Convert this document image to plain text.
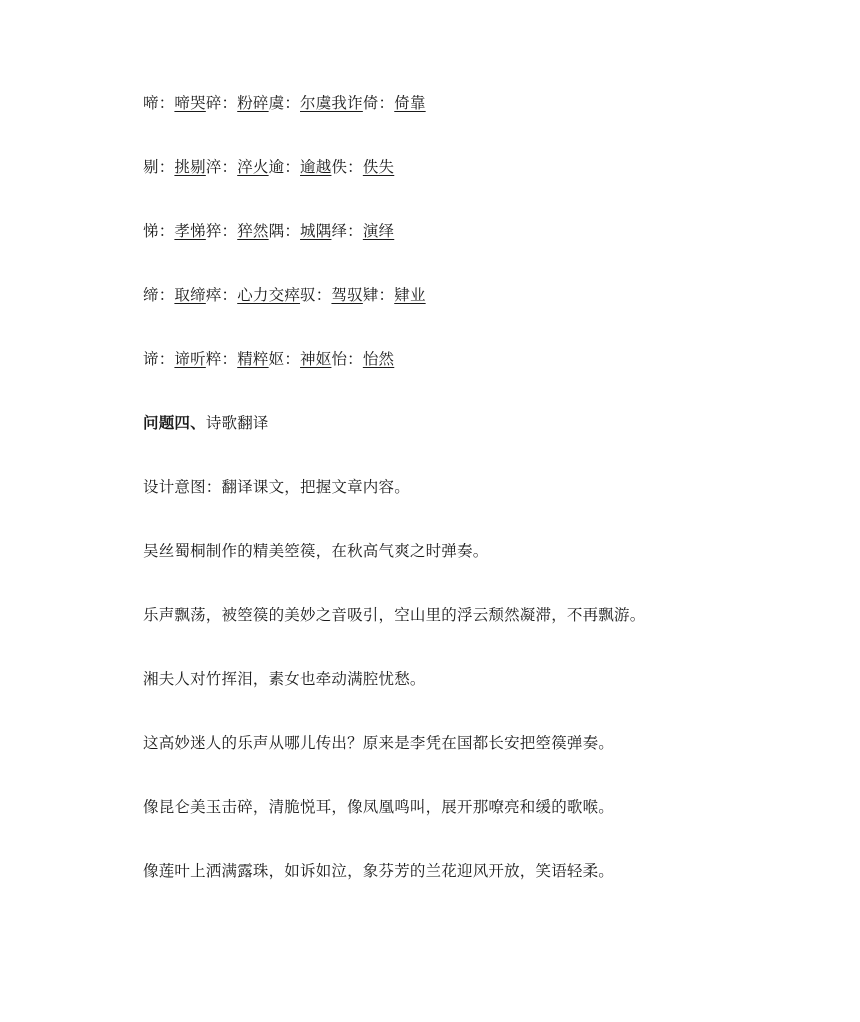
啼：啼哭碎：粉碎虞：尔虞我诈倚：倚靠
剔：挑剔淬：淬火逾：逾越佚：佚失
悌：孝悌猝：猝然隅：城隅绎：演绎
缔：取缔瘁：心力交瘁驭：驾驭肄：肄业
谛：谛听粹：精粹妪：神妪怡：怡然
问题四、诗歌翻译
设计意图：翻译课文，把握文章内容。
吴丝蜀桐制作的精美箜篌，在秋高气爽之时弹奏。
乐声飘荡，被箜篌的美妙之音吸引，空山里的浮云颓然凝滞，不再飘游。
湘夫人对竹挥泪，素女也牵动满腔忧愁。
这高妙迷人的乐声从哪儿传出？原来是李凭在国都长安把箜篌弹奏。
像昆仑美玉击碎，清脆悦耳，像凤凰鸣叫，展开那嘹亮和缓的歌喉。
像莲叶上洒满露珠，如诉如泣，象芬芳的兰花迎风开放，笑语轻柔。
